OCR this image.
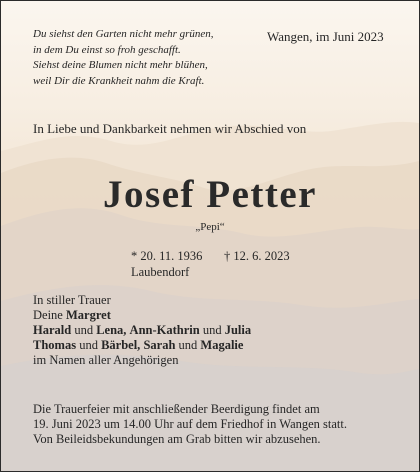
Du siehst den Garten nicht mehr grünen,
in dem Du einst so froh geschafft.
Siehst deine Blumen nicht mehr blühen,
weil Dir die Krankheit nahm die Kraft.
Wangen, im Juni 2023
In Liebe und Dankbarkeit nehmen wir Abschied von
Josef Petter
„Pepi“
* 20. 11. 1936 † 12. 6. 2023
Laubendorf
In stiller Trauer
Deine Margret
Harald und Lena, Ann-Kathrin und Julia
Thomas und Bärbel, Sarah und Magalie
im Namen aller Angehörigen
Die Trauerfeier mit anschließender Beerdigung findet am
19. Juni 2023 um 14.00 Uhr auf dem Friedhof in Wangen statt.
Von Beileidsbekundungen am Grab bitten wir abzusehen.
